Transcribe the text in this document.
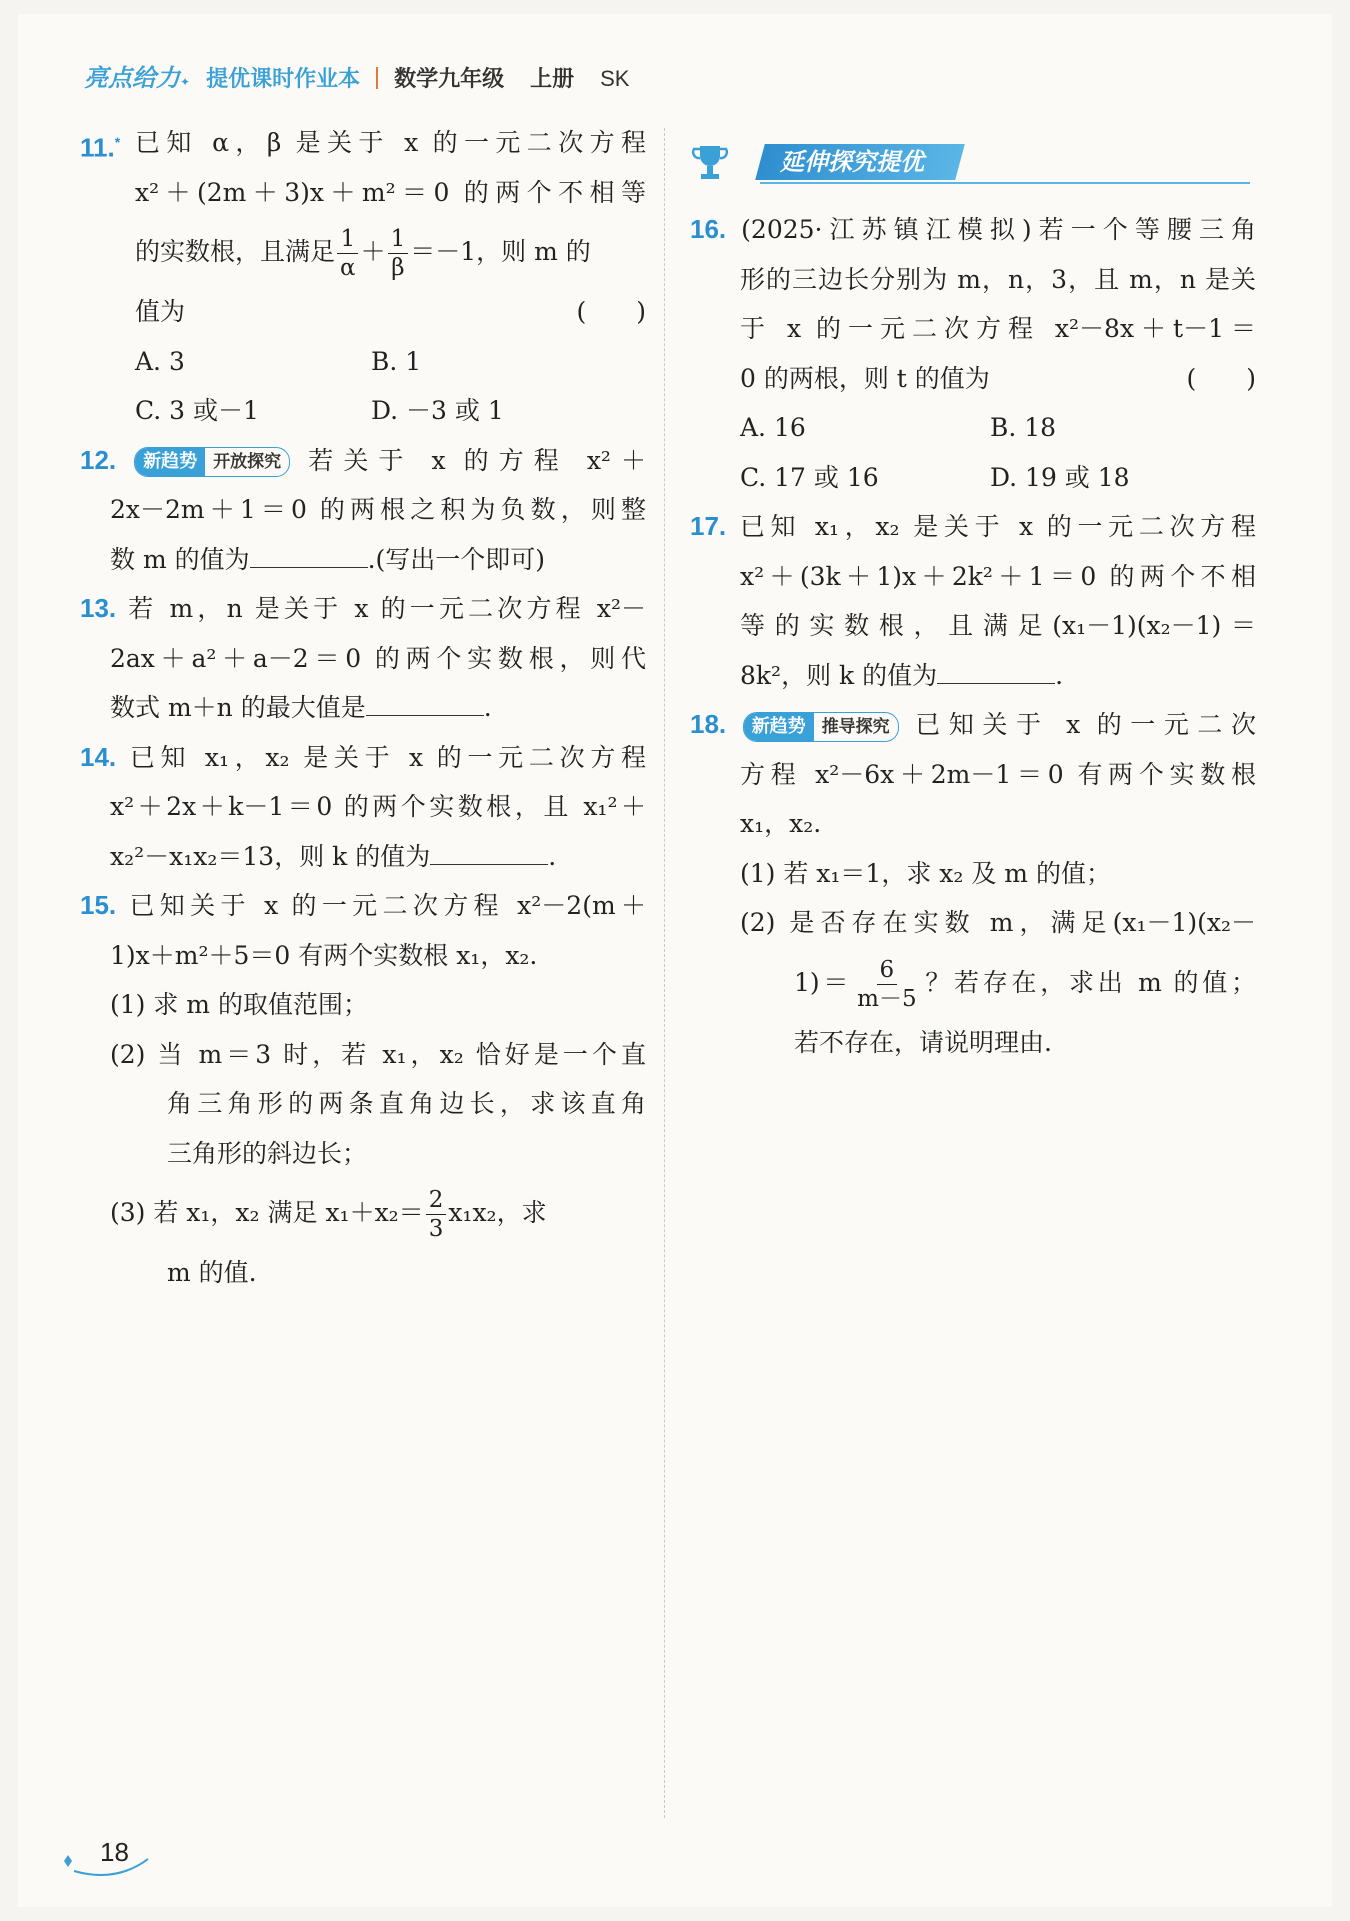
亮点给力 ✦ 提优课时作业本 数学九年级 上册 SK
11.* 已知 α，β 是关于 x 的一元二次方程
x²＋(2m＋3)x＋m²＝0 的两个不相等
的实数根，且满足 $\frac{1}{\alpha} + \frac{1}{\beta} =-1$，则 m 的
值为	(　　)
A. 3	B. 1
C. 3 或－1	D. －3 或 1
12.	新趋势 开放探究 若关于 x 的方程 x²＋
2x－2m＋1＝0 的两根之积为负数，则整
数 m 的值为	.(写出一个即可)
13. 若 m，n 是关于 x 的一元二次方程 x²－
2ax＋a²＋a－2＝0 的两个实数根，则代
数式 m＋n 的最大值是	.
14. 已知 x₁，x₂ 是关于 x 的一元二次方程
x²＋2x＋k－1＝0 的两个实数根，且 x₁²＋
x₂²－x₁x₂＝13，则 k 的值为	.
15. 已知关于 x 的一元二次方程 x²－2(m＋
1)x＋m²＋5＝0 有两个实数根 x₁，x₂.
(1) 求 m 的取值范围；
(2) 当 m＝3 时，若 x₁，x₂ 恰好是一个直
角三角形的两条直角边长，求该直角
三角形的斜边长；
(3) 若 x₁，x₂ 满足 $x_1+x_2= \frac{2}{3} x_1x_2$，求
m 的值.
延伸探究提优
16. (2025·江苏镇江模拟)若一个等腰三角
形的三边长分别为 m，n，3，且 m，n 是关
于 x 的一元二次方程 x²－8x＋t－1＝
0 的两根，则 t 的值为	(　　)
A. 16	B. 18
C. 17 或 16	D. 19 或 18
17. 已知 x₁，x₂ 是关于 x 的一元二次方程
x²＋(3k＋1)x＋2k²＋1＝0 的两个不相
等的实数根，且满足(x₁－1)(x₂－1)＝
8k²，则 k 的值为	.
18.	新趋势 推导探究 已知关于 x 的一元二次
方程 x²－6x＋2m－1＝0 有两个实数根
x₁，x₂.
(1) 若 x₁＝1，求 x₂ 及 m 的值；
(2) 是否存在实数 m，满足(x₁－1)(x₂－
$1)= \frac{6}{m-5}$ ？若存在，求出 m 的值；
若不存在，请说明理由.
18
